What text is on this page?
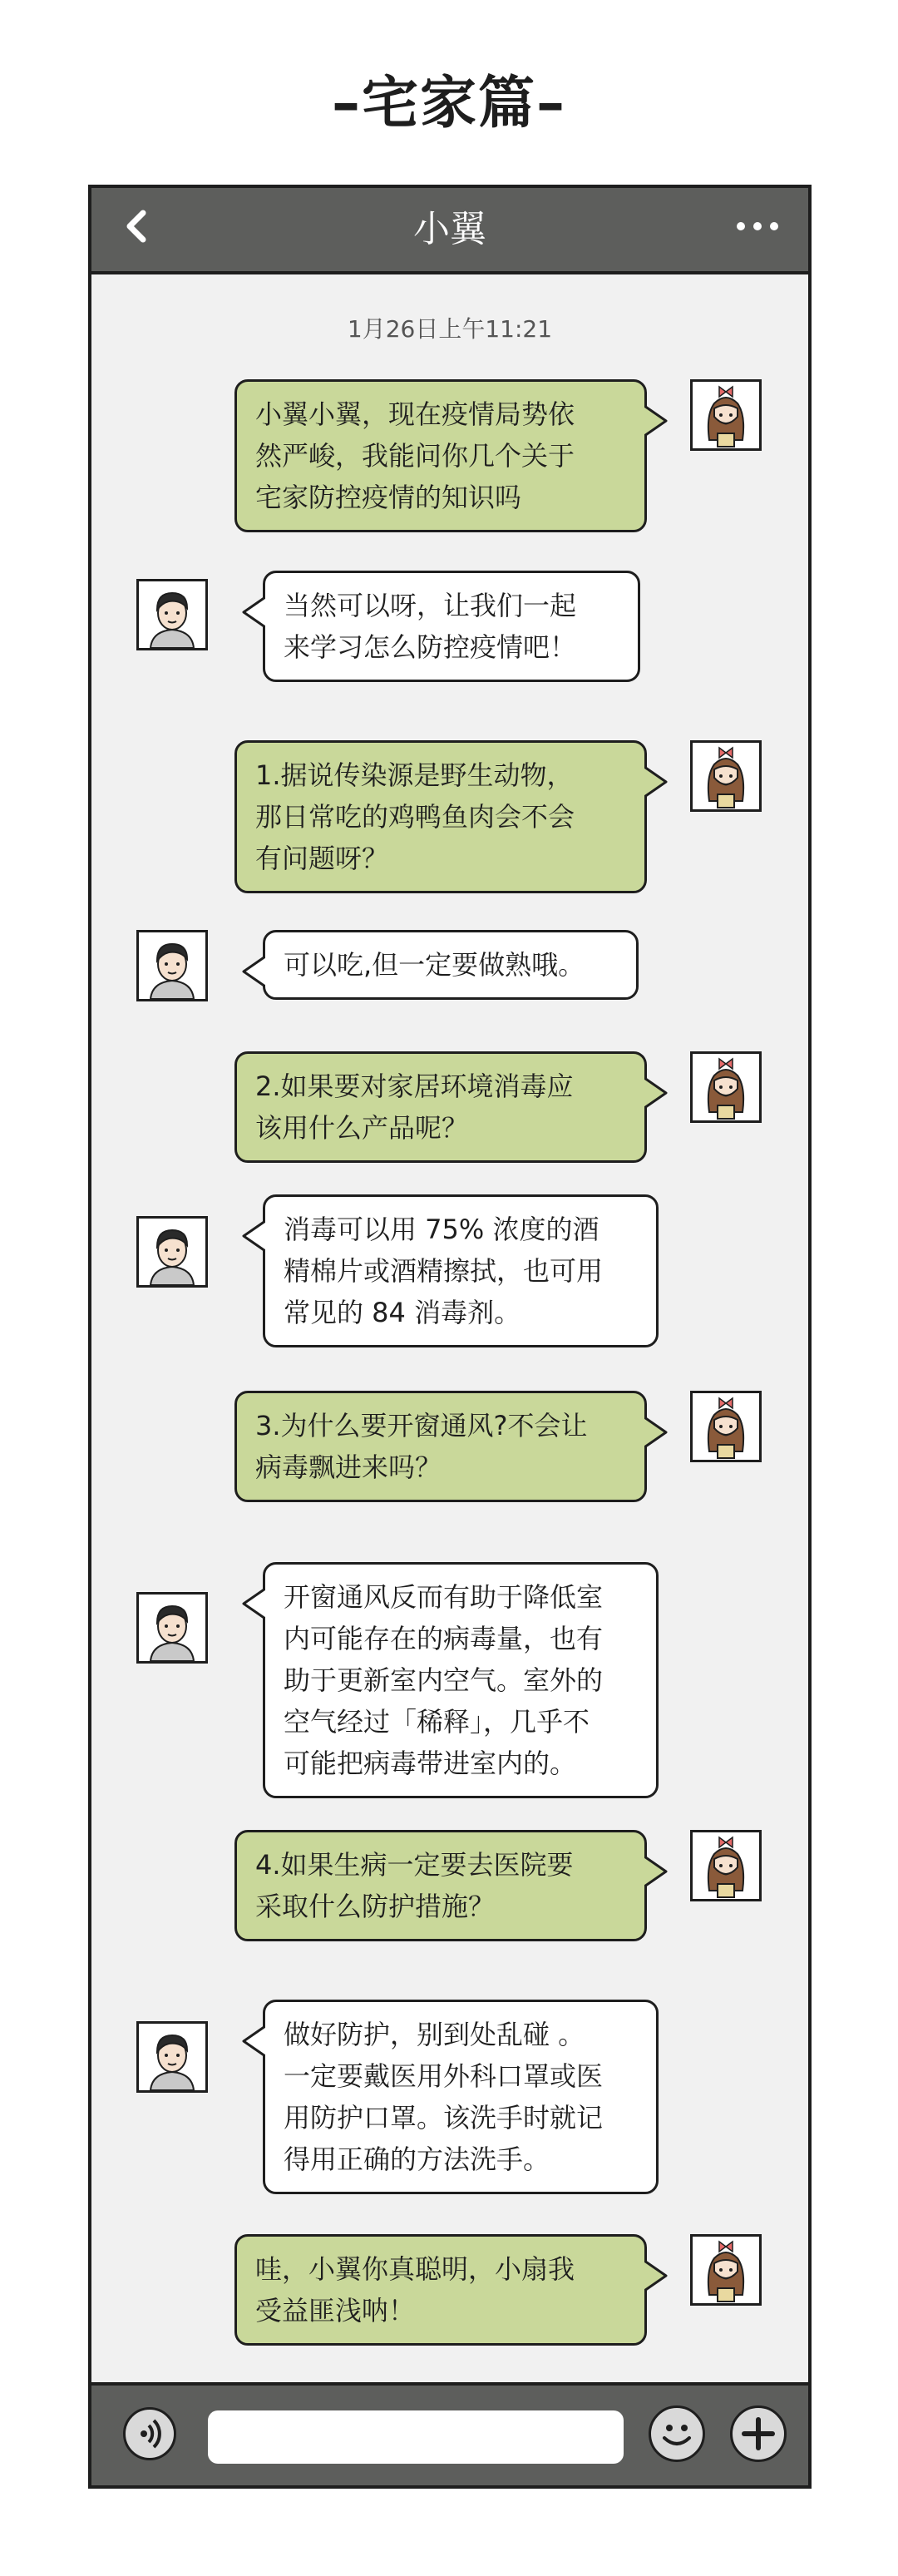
–宅家篇–
小翼
1月26日上午11:21
小翼小翼，现在疫情局势依
然严峻，我能问你几个关于
宅家防控疫情的知识吗
当然可以呀，让我们一起
来学习怎么防控疫情吧！
1.据说传染源是野生动物，
那日常吃的鸡鸭鱼肉会不会
有问题呀？
可以吃,但一定要做熟哦。
2.如果要对家居环境消毒应
该用什么产品呢？
消毒可以用 75% 浓度的酒
精棉片或酒精擦拭，也可用
常见的 84 消毒剂。
3.为什么要开窗通风?不会让
病毒飘进来吗？
开窗通风反而有助于降低室
内可能存在的病毒量，也有
助于更新室内空气。室外的
空气经过「稀释」，几乎不
可能把病毒带进室内的。
4.如果生病一定要去医院要
采取什么防护措施？
做好防护，别到处乱碰 。
一定要戴医用外科口罩或医
用防护口罩。该洗手时就记
得用正确的方法洗手。
哇，小翼你真聪明，小扇我
受益匪浅呐！
